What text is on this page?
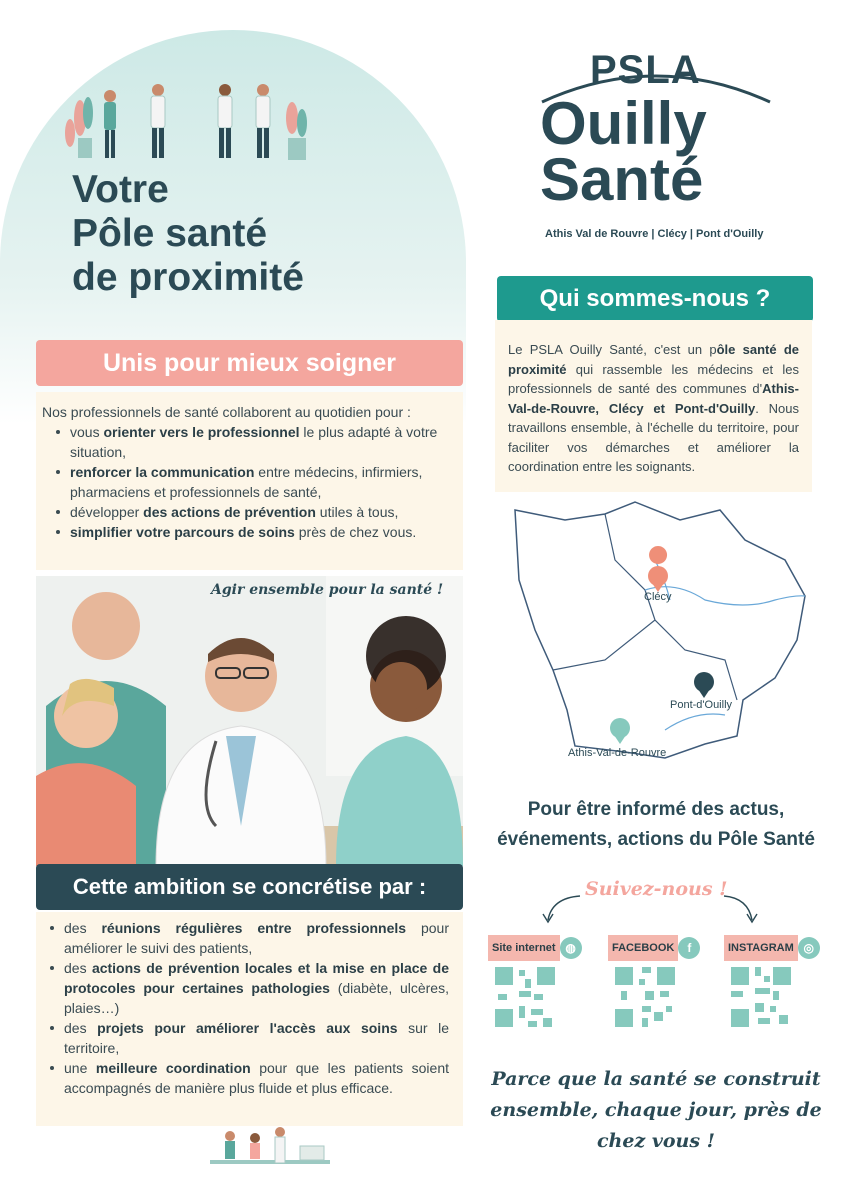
Votre
Pôle santé
de proximité
Unis pour mieux soigner
Nos professionnels de santé collaborent au quotidien pour :
vous orienter vers le professionnel le plus adapté à votre situation,
renforcer la communication entre médecins, infirmiers, pharmaciens et professionnels de santé,
développer des actions de prévention utiles à tous,
simplifier votre parcours de soins près de chez vous.
Agir ensemble pour la santé !
Cette ambition se concrétise par :
des réunions régulières entre professionnels pour améliorer le suivi des patients,
des actions de prévention locales et la mise en place de protocoles pour certaines pathologies (diabète, ulcères, plaies…)
des projets pour améliorer l'accès aux soins sur le territoire,
une meilleure coordination pour que les patients soient accompagnés de manière plus fluide et plus efficace.
PSLA
Ouilly
Santé
Athis Val de Rouvre | Clécy | Pont d'Ouilly
Qui sommes-nous ?
Le PSLA Ouilly Santé, c'est un pôle santé de proximité qui rassemble les médecins et les professionnels de santé des communes d'Athis-Val-de-Rouvre, Clécy et Pont-d'Ouilly. Nous travaillons ensemble, à l'échelle du territoire, pour faciliter vos démarches et améliorer la coordination entre les soignants.
Clécy
Pont-d'Ouilly
Athis-Val-de-Rouvre
Pour être informé des actus,
événements, actions du Pôle Santé
Suivez-nous !
Site internet ◍	FACEBOOK	f	INSTAGRAM ◎
Parce que la santé se construit
ensemble, chaque jour, près de
chez vous !
